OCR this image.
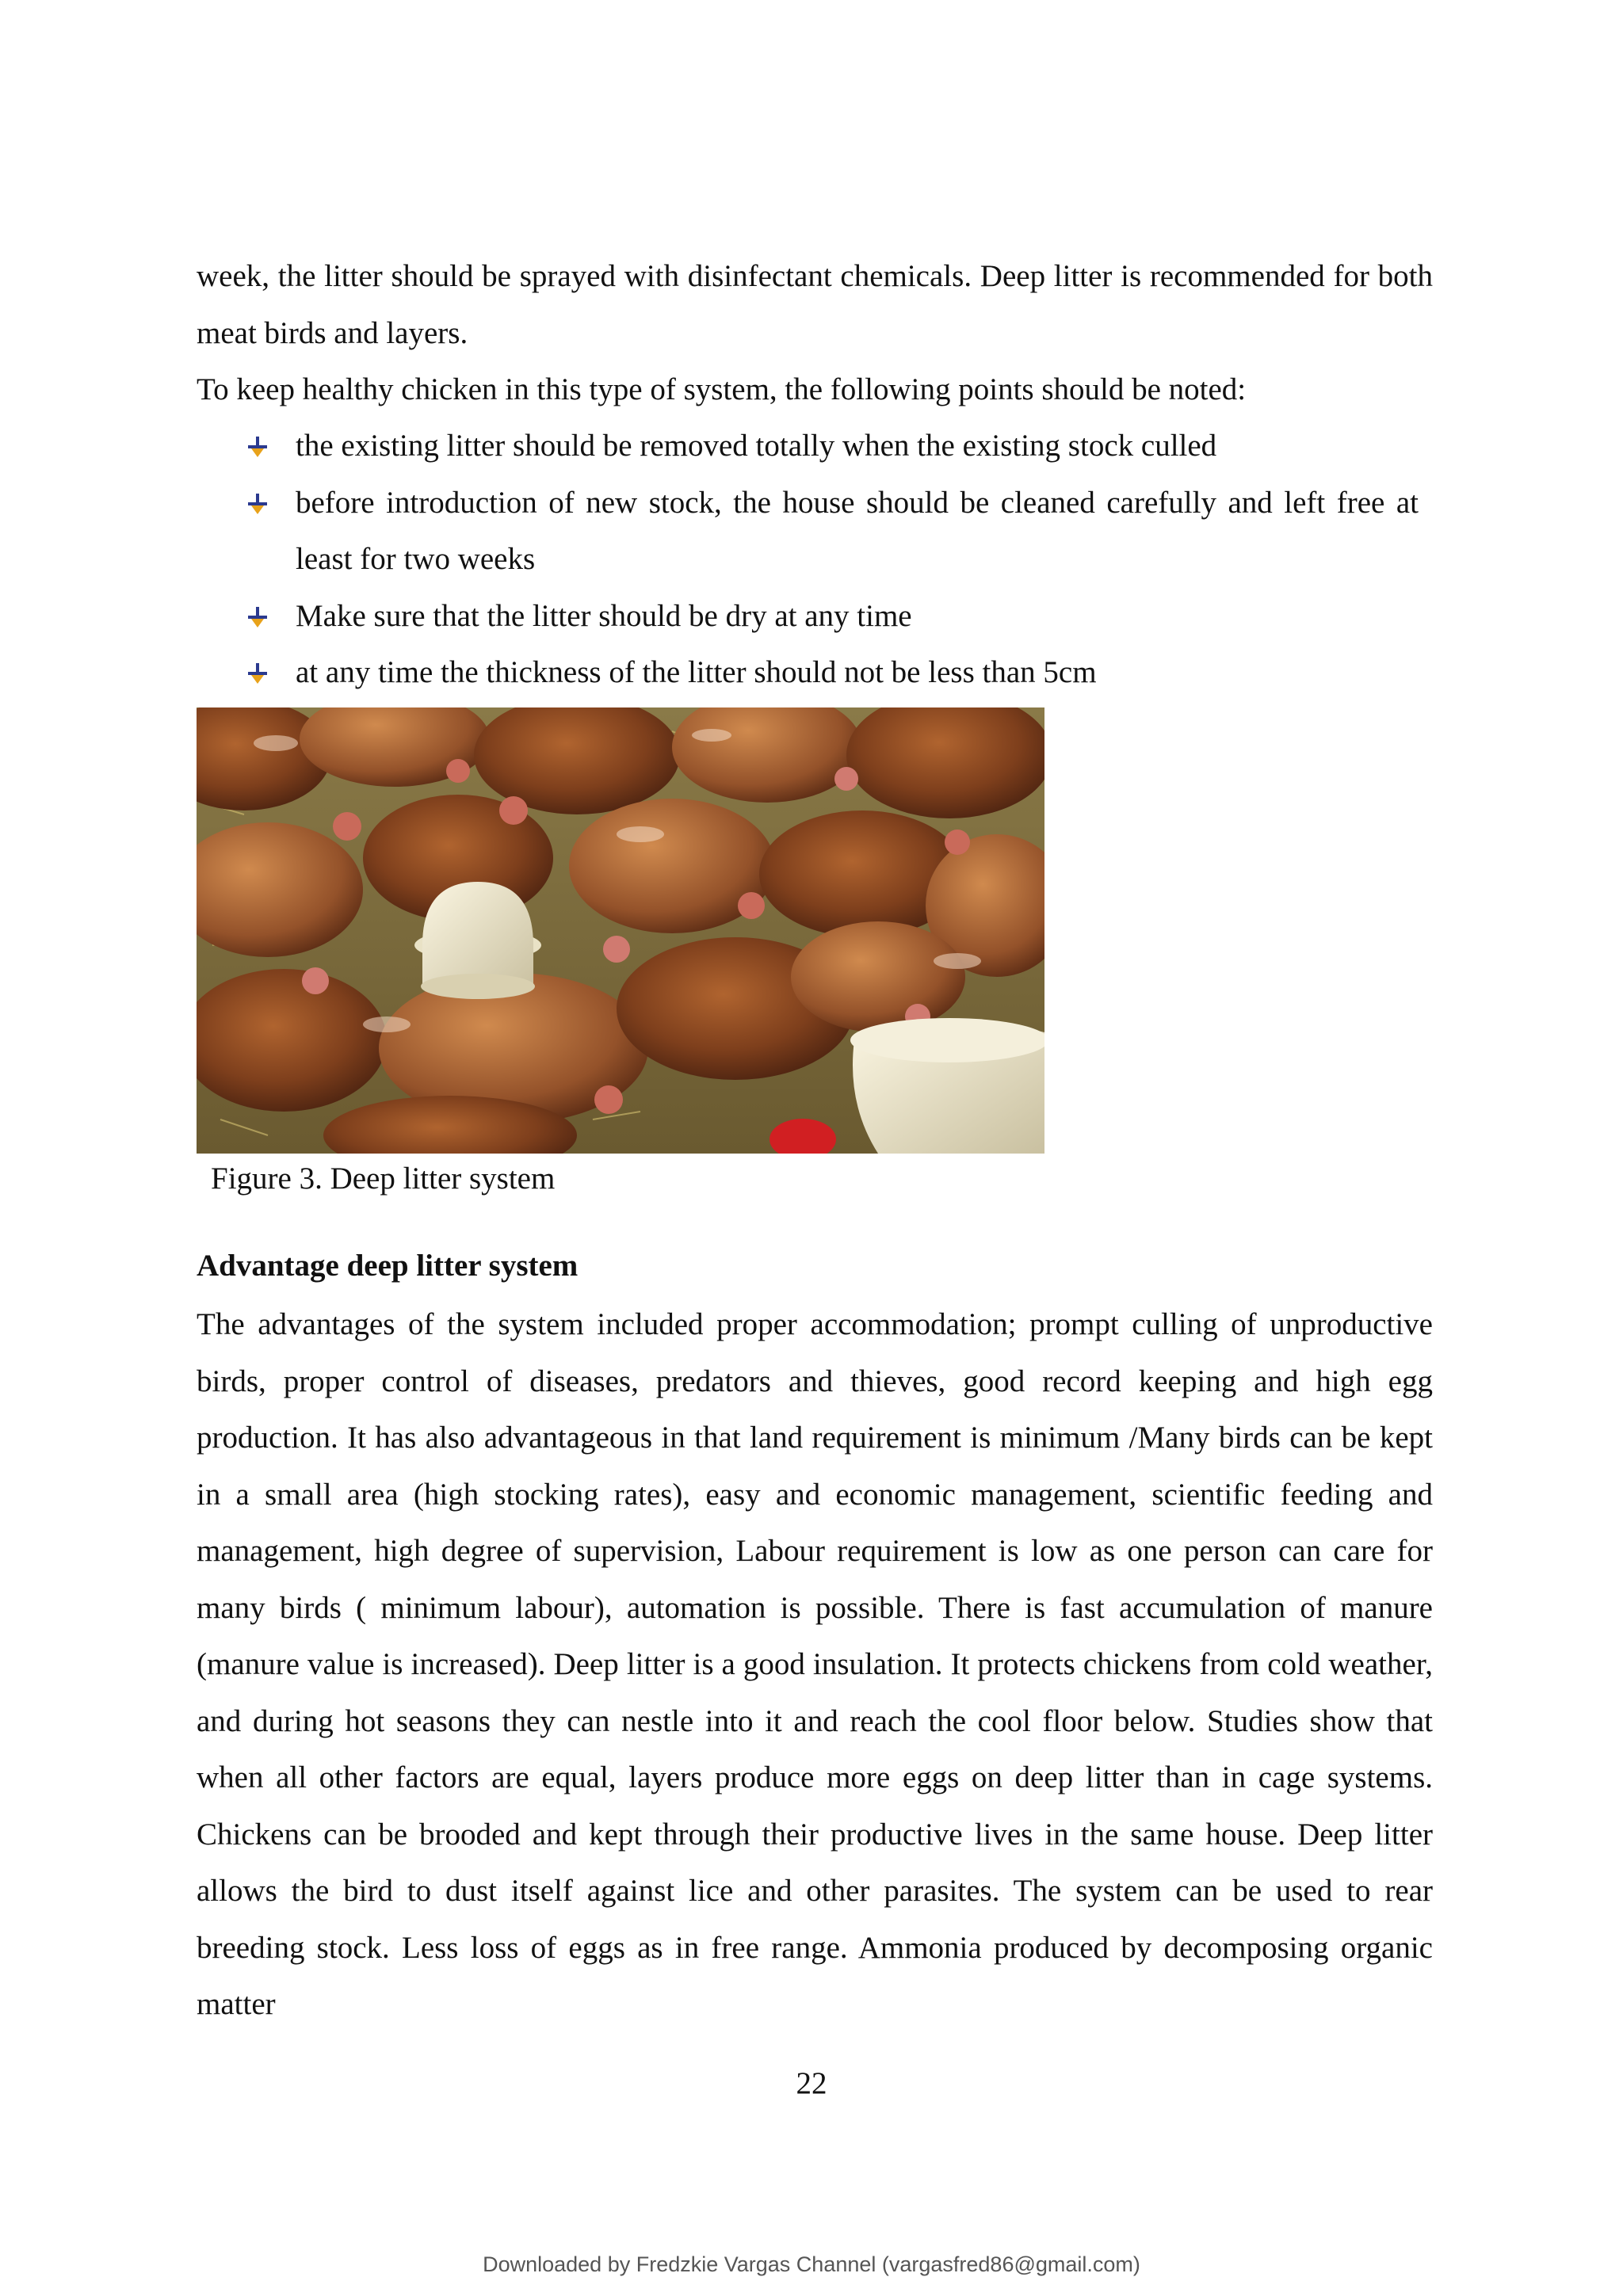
week, the litter should be sprayed with disinfectant chemicals. Deep litter is recommended for both meat birds and layers.

To keep healthy chicken in this type of system, the following points should be noted:

the existing litter should be removed totally when the existing stock culled
before introduction of new stock, the house should be cleaned carefully and left free at least for two weeks
Make sure that the litter should be dry at any time
at any time the thickness of the litter should not be less than 5cm

Figure 3. Deep litter system

Advantage deep litter system

The advantages of the system included proper accommodation; prompt culling of unproductive birds, proper control of diseases, predators and thieves, good record keeping and high egg production. It has also advantageous in that land requirement is minimum /Many birds can be kept in a small area (high stocking rates), easy and economic management, scientific feeding and management, high degree of supervision, Labour requirement is low as one person can care for many birds ( minimum labour), automation is possible. There is fast accumulation of manure (manure value is increased). Deep litter is a good insulation. It protects chickens from cold weather, and during hot seasons they can nestle into it and reach the cool floor below. Studies show that when all other factors are equal, layers produce more eggs on deep litter than in cage systems. Chickens can be brooded and kept through their productive lives in the same house. Deep litter allows the bird to dust itself against lice and other parasites. The system can be used to rear breeding stock. Less loss of eggs as in free range. Ammonia produced by decomposing organic matter

22

Downloaded by Fredzkie Vargas Channel (vargasfred86@gmail.com)
